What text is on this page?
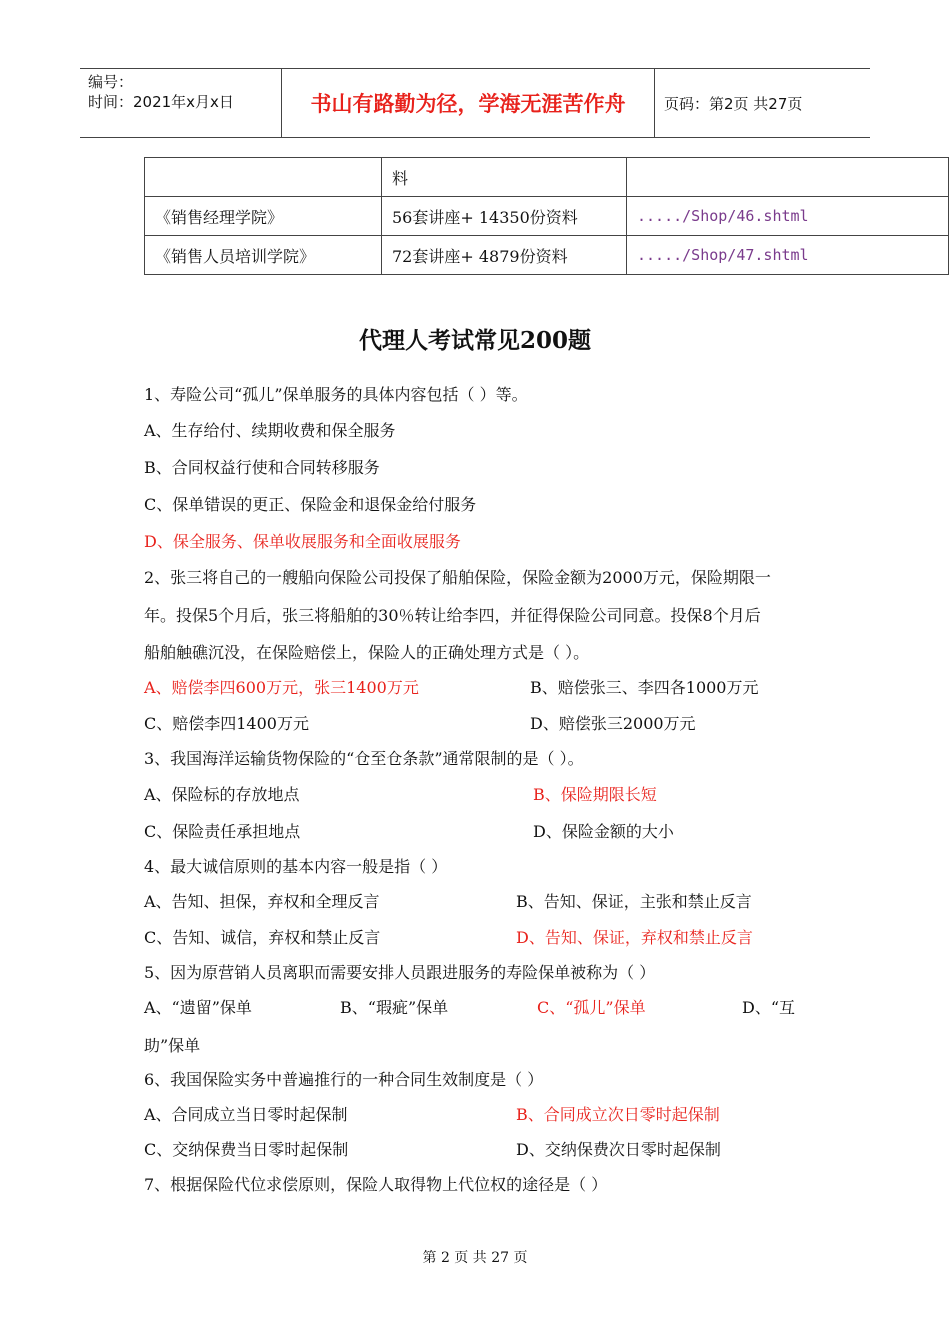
编号：
时间：2021年x月x日	书山有路勤为径，学海无涯苦作舟	页码：第2页 共27页
	料	
《销售经理学院》	56套讲座+ 14350份资料	...../Shop/46.shtml
《销售人员培训学院》	72套讲座+ 4879份资料	...../Shop/47.shtml
代理人考试常见200题
1、寿险公司“孤儿”保单服务的具体内容包括（ ）等。
A、生存给付、续期收费和保全服务
B、合同权益行使和合同转移服务
C、保单错误的更正、保险金和退保金给付服务
D、保全服务、保单收展服务和全面收展服务
2、张三将自己的一艘船向保险公司投保了船舶保险，保险金额为2000万元，保险期限一
年。投保5个月后，张三将船舶的30％转让给李四，并征得保险公司同意。投保8个月后
船舶触礁沉没，在保险赔偿上，保险人的正确处理方式是（ ）。
A、赔偿李四600万元，张三1400万元	B、赔偿张三、李四各1000万元
C、赔偿李四1400万元	D、赔偿张三2000万元
3、我国海洋运输货物保险的“仓至仓条款”通常限制的是（ ）。
A、保险标的存放地点	B、保险期限长短
C、保险责任承担地点	D、保险金额的大小
4、最大诚信原则的基本内容一般是指（ ）
A、告知、担保，弃权和全理反言	B、告知、保证，主张和禁止反言
C、告知、诚信，弃权和禁止反言	D、告知、保证，弃权和禁止反言
5、因为原营销人员离职而需要安排人员跟进服务的寿险保单被称为（ ）
A、“遗留”保单	B、“瑕疵”保单	C、“孤儿”保单	D、“互
助”保单
6、我国保险实务中普遍推行的一种合同生效制度是（ ）
A、合同成立当日零时起保制	B、合同成立次日零时起保制
C、交纳保费当日零时起保制	D、交纳保费次日零时起保制
7、根据保险代位求偿原则，保险人取得物上代位权的途径是（ ）
第 2 页 共 27 页
